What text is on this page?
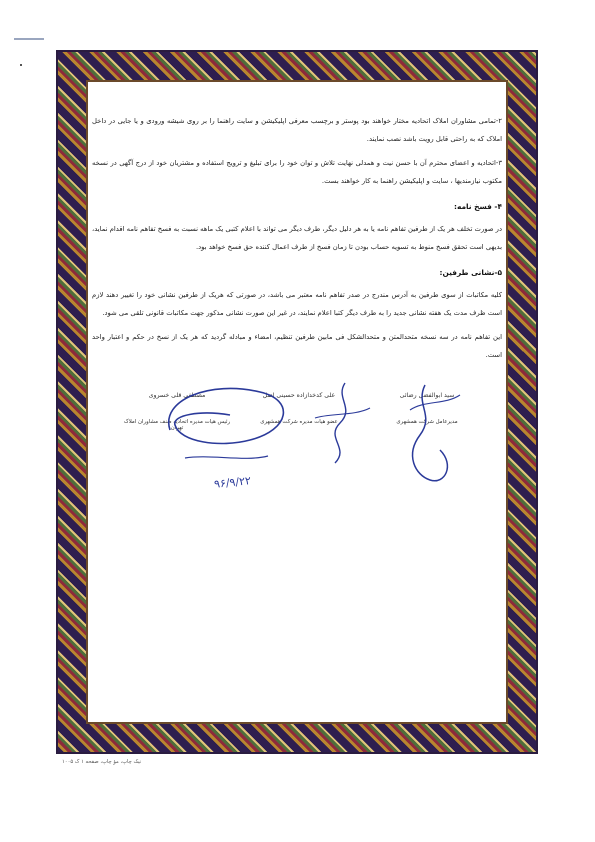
۲-تمامی مشاوران املاک اتحادیه مختار خواهند بود پوستر و برچسب معرفی اپلیکیشن و سایت راهنما را بر روی شیشه ورودی و یا جایی در داخل املاک که به راحتی قابل رویت باشد نصب نمایند.

۳-اتحادیه و اعضای محترم آن با حسن نیت و همدلی نهایت تلاش و توان خود را برای تبلیغ و ترویج استفاده و مشتریان خود از درج آگهی در نسخه مکتوب نیازمندیها ، سایت و اپلیکیشن راهنما به کار خواهند بست.

۴- فسخ نامه:

در صورت تخلف هر یک از طرفین تفاهم نامه یا به هر دلیل دیگر، طرف دیگر می تواند با اعلام کتبی یک ماهه نسبت به فسخ تفاهم نامه اقدام نماید، بدیهی است تحقق فسخ منوط به تسویه حساب بودن تا زمان فسخ از طرف اعمال کننده حق فسخ خواهد بود.

۵-نشانی طرفین:

کلیه مکاتبات از سوی طرفین به آدرس مندرج در صدر تفاهم نامه معتبر می باشد، در صورتی که هریک از طرفین نشانی خود را تغییر دهند لازم است ظرف مدت یک هفته نشانی جدید را به طرف دیگر کتبا اعلام نمایند، در غیر این صورت نشانی مذکور جهت مکاتبات قانونی تلقی می شود.

این تفاهم نامه در سه نسخه متحدالمتن و متحدالشکل فی مابین طرفین تنظیم، امضاء و مبادله گردید که هر یک از نسخ در حکم و اعتبار واحد است.

سید ابوالفضل رضائی
مدیرعامل شرکت همشهری
علی کدخدازاده حسینی اصل
عضو هیات مدیره شرکت همشهری
مصطفی قلی خسروی
رئیس هیات مدیره اتحادیه صنف مشاوران املاک تهران
۹۶/۹/۲۲
نیک چاپ، مؤ چاپ، صفحه ۱ ک ۱۰۰۵
